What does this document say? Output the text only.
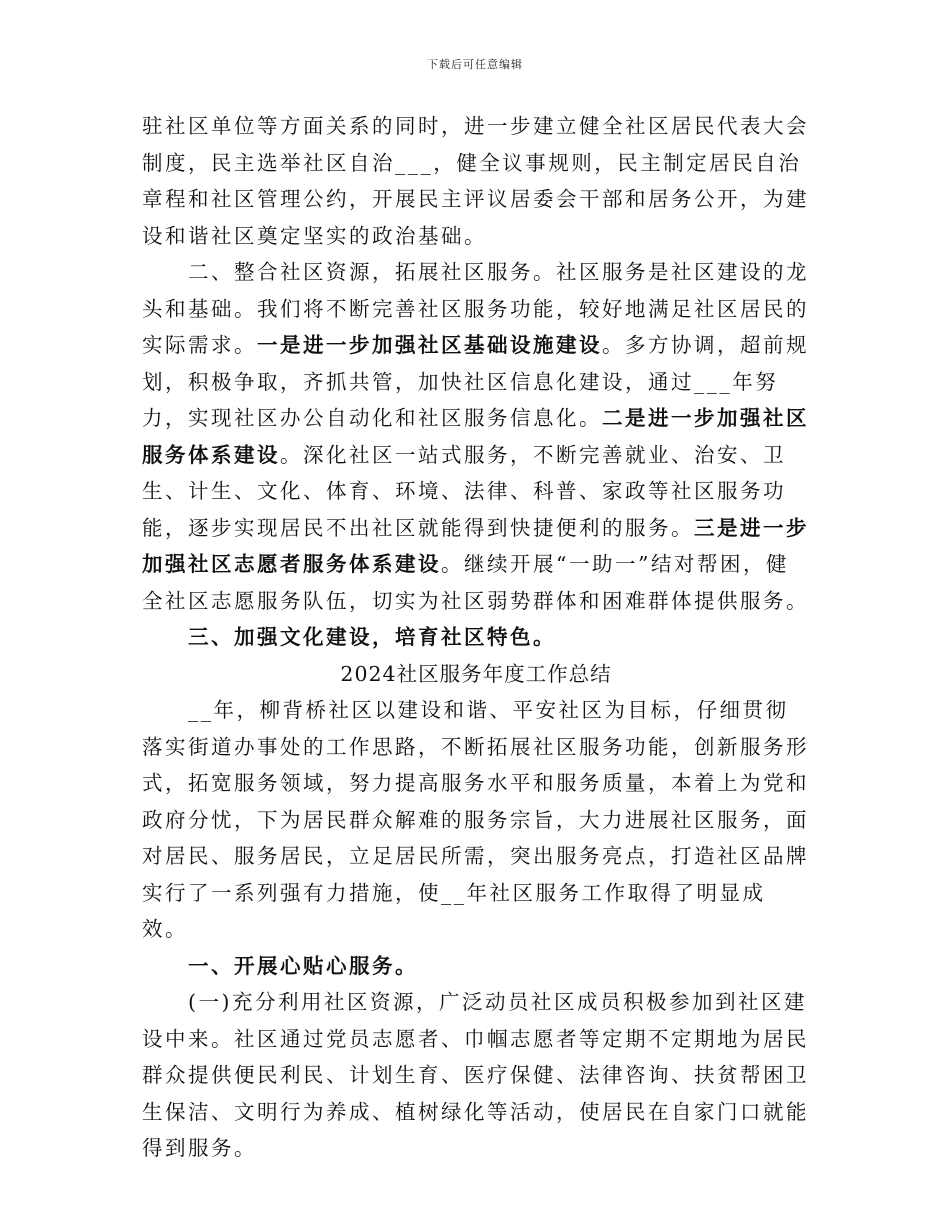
下载后可任意编辑

驻社区单位等方面关系的同时，进一步建立健全社区居民代表大会制度，民主选举社区自治___，健全议事规则，民主制定居民自治章程和社区管理公约，开展民主评议居委会干部和居务公开，为建设和谐社区奠定坚实的政治基础。

二、整合社区资源，拓展社区服务。社区服务是社区建设的龙头和基础。我们将不断完善社区服务功能，较好地满足社区居民的实际需求。一是进一步加强社区基础设施建设。多方协调，超前规划，积极争取，齐抓共管，加快社区信息化建设，通过___年努力，实现社区办公自动化和社区服务信息化。二是进一步加强社区服务体系建设。深化社区一站式服务，不断完善就业、治安、卫生、计生、文化、体育、环境、法律、科普、家政等社区服务功能，逐步实现居民不出社区就能得到快捷便利的服务。三是进一步加强社区志愿者服务体系建设。继续开展“一助一”结对帮困，健全社区志愿服务队伍，切实为社区弱势群体和困难群体提供服务。

三、加强文化建设，培育社区特色。

2024社区服务年度工作总结

__年，柳背桥社区以建设和谐、平安社区为目标，仔细贯彻落实街道办事处的工作思路，不断拓展社区服务功能，创新服务形式，拓宽服务领域，努力提高服务水平和服务质量，本着上为党和政府分忧，下为居民群众解难的服务宗旨，大力进展社区服务，面对居民、服务居民，立足居民所需，突出服务亮点，打造社区品牌实行了一系列强有力措施，使__年社区服务工作取得了明显成效。

一、开展心贴心服务。

(一)充分利用社区资源，广泛动员社区成员积极参加到社区建设中来。社区通过党员志愿者、巾帼志愿者等定期不定期地为居民群众提供便民利民、计划生育、医疗保健、法律咨询、扶贫帮困卫生保洁、文明行为养成、植树绿化等活动，使居民在自家门口就能得到服务。
